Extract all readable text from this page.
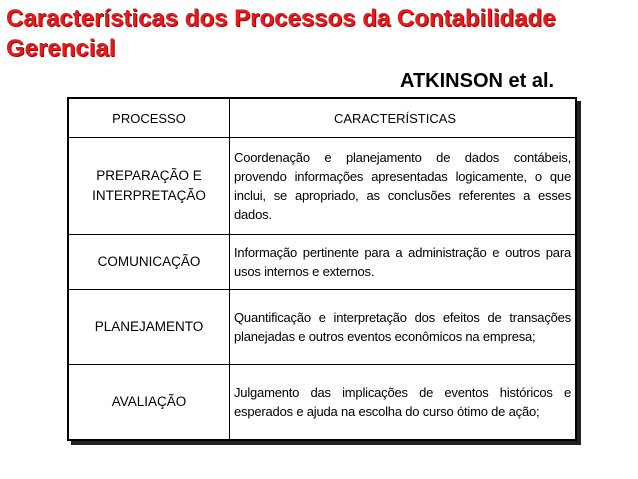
Características dos Processos da Contabilidade Gerencial
ATKINSON et al.
PROCESSO	CARACTERÍSTICAS
PREPARAÇÃO E INTERPRETAÇÃO	Coordenação e planejamento de dados contábeis, provendo informações apresentadas logicamente, o que inclui, se apropriado, as conclusões referentes a esses dados.
COMUNICAÇÃO	Informação pertinente para a administração e outros para usos internos e externos.
PLANEJAMENTO	Quantificação e interpretação dos efeitos de transações planejadas e outros eventos econômicos na empresa;
AVALIAÇÃO	Julgamento das implicações de eventos históricos e esperados e ajuda na escolha do curso ótimo de ação;
